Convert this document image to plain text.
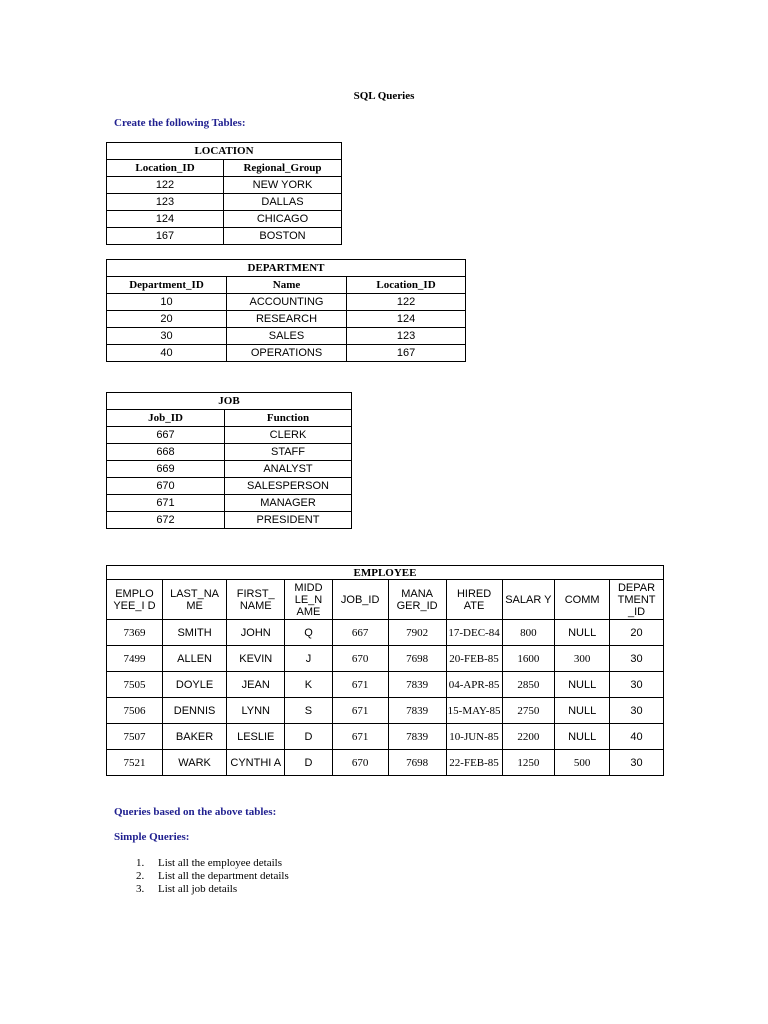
SQL Queries
Create the following Tables:
LOCATION	
Location_ID	Regional_Group
122	NEW YORK
123	DALLAS
124	CHICAGO
167	BOSTON
DEPARTMENT		
Department_ID	Name	Location_ID
10	ACCOUNTING	122
20	RESEARCH	124
30	SALES	123
40	OPERATIONS	167
JOB	
Job_ID	Function
667	CLERK
668	STAFF
669	ANALYST
670	SALESPERSON
671	MANAGER
672	PRESIDENT
EMPLOYEE									
EMPLO YEE_I D	LAST_NA ME	FIRST_ NAME	MIDD LE_N AME	JOB_ID	MANA GER_ID	HIRED ATE	SALAR Y	COMM	DEPAR TMENT _ID
7369	SMITH	JOHN	Q	667	7902	17-DEC-84	800	NULL	20
7499	ALLEN	KEVIN	J	670	7698	20-FEB-85	1600	300	30
7505	DOYLE	JEAN	K	671	7839	04-APR-85	2850	NULL	30
7506	DENNIS	LYNN	S	671	7839	15-MAY-85	2750	NULL	30
7507	BAKER	LESLIE	D	671	7839	10-JUN-85	2200	NULL	40
7521	WARK	CYNTHI A	D	670	7698	22-FEB-85	1250	500	30
Queries based on the above tables:
Simple Queries:
1. List all the employee details
2. List all the department details
3. List all job details
